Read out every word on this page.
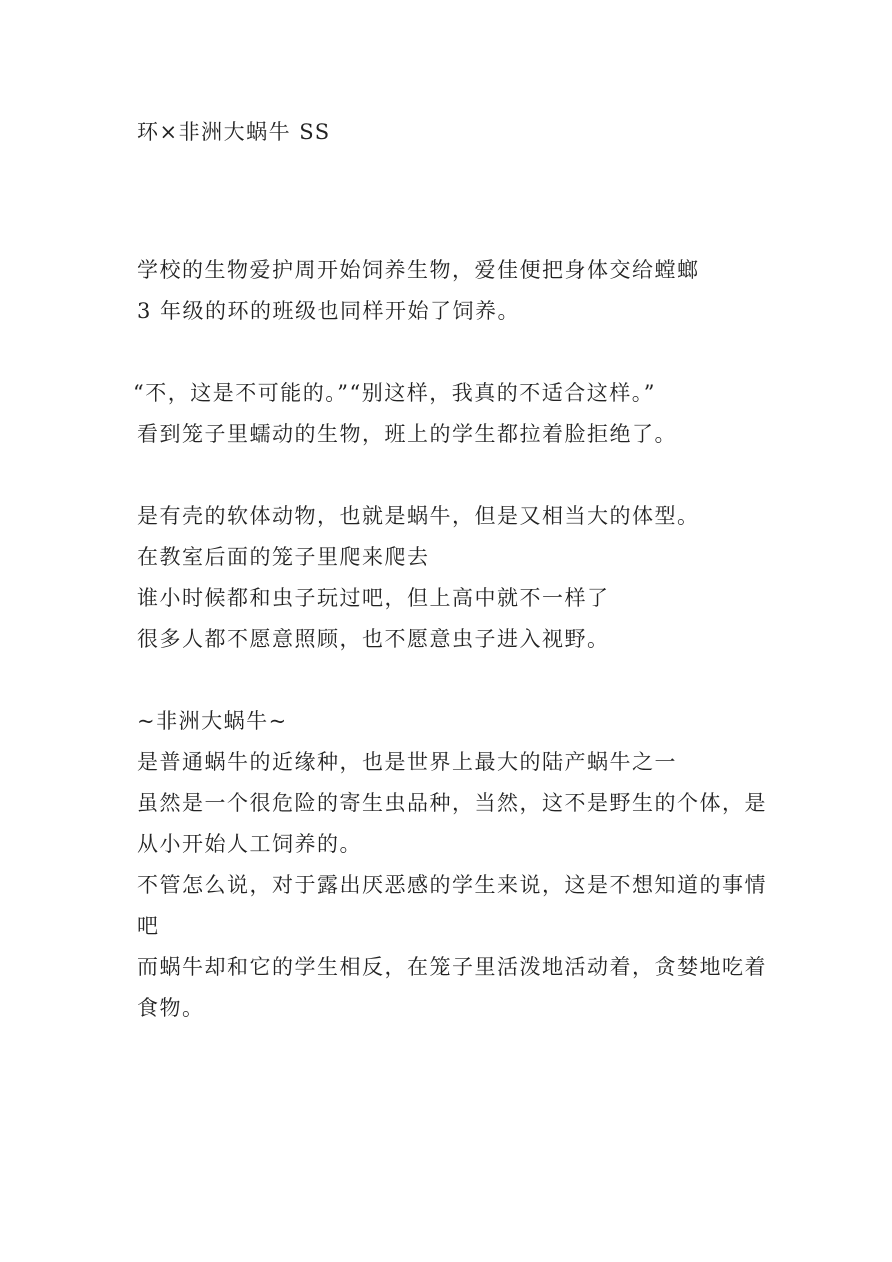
环×非洲大蜗牛 SS
学校的生物爱护周开始饲养生物，爱佳便把身体交给螳螂
3 年级的环的班级也同样开始了饲养。
“不，这是不可能的。”“别这样，我真的不适合这样。”
看到笼子里蠕动的生物，班上的学生都拉着脸拒绝了。
是有壳的软体动物，也就是蜗牛，但是又相当大的体型。
在教室后面的笼子里爬来爬去
谁小时候都和虫子玩过吧，但上高中就不一样了
很多人都不愿意照顾，也不愿意虫子进入视野。
~非洲大蜗牛~
是普通蜗牛的近缘种，也是世界上最大的陆产蜗牛之一
虽然是一个很危险的寄生虫品种，当然，这不是野生的个体，是从小开始人工饲养的。
不管怎么说，对于露出厌恶感的学生来说，这是不想知道的事情吧
而蜗牛却和它的学生相反，在笼子里活泼地活动着，贪婪地吃着食物。
